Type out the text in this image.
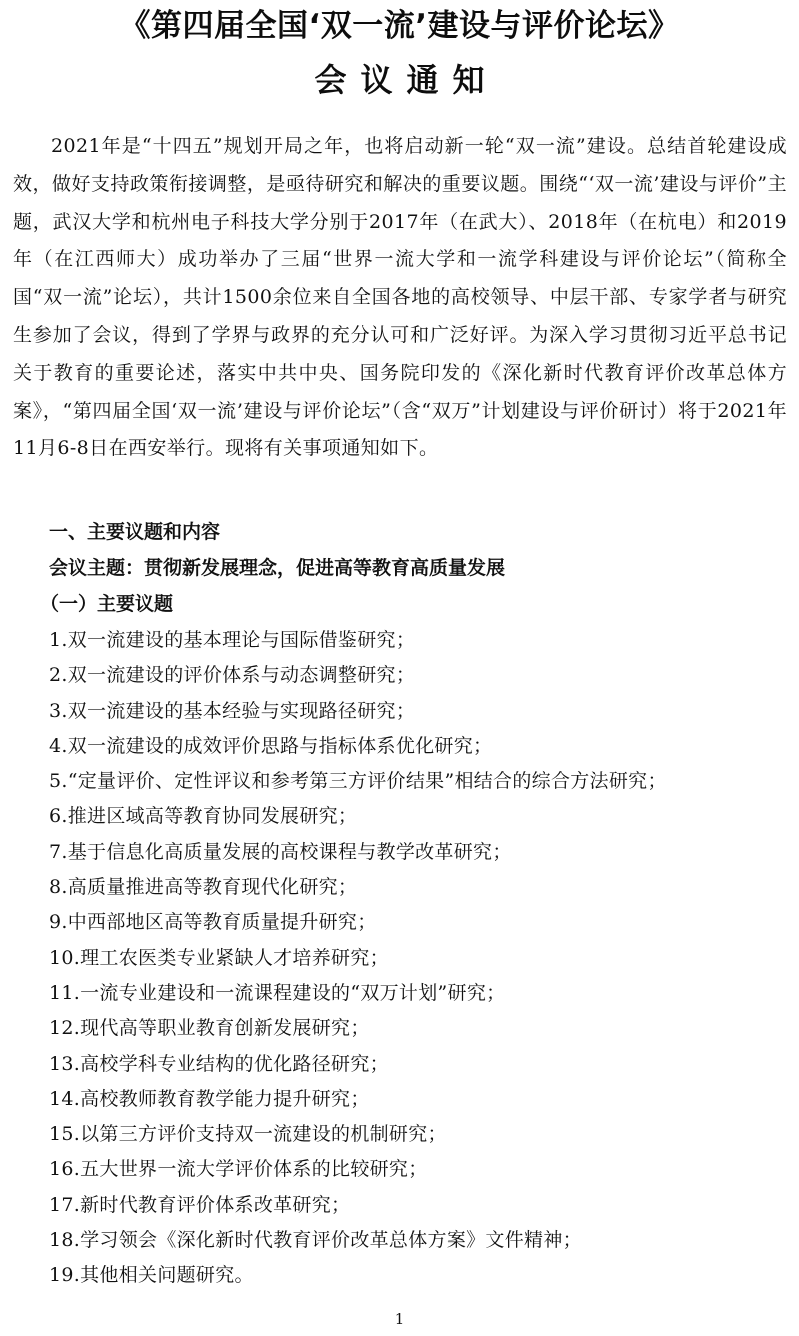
《第四届全国‘双一流’建设与评价论坛》
会议通知

2021年是“十四五”规划开局之年，也将启动新一轮“双一流”建设。总结首轮建设成效，做好支持政策衔接调整，是亟待研究和解决的重要议题。围绕“‘双一流’建设与评价”主题，武汉大学和杭州电子科技大学分别于2017年（在武大）、2018年（在杭电）和2019年（在江西师大）成功举办了三届“世界一流大学和一流学科建设与评价论坛”（简称全国“双一流”论坛），共计1500余位来自全国各地的高校领导、中层干部、专家学者与研究生参加了会议，得到了学界与政界的充分认可和广泛好评。为深入学习贯彻习近平总书记关于教育的重要论述，落实中共中央、国务院印发的《深化新时代教育评价改革总体方案》，“第四届全国‘双一流’建设与评价论坛”（含“双万”计划建设与评价研讨）将于2021年11月6-8日在西安举行。现将有关事项通知如下。

一、主要议题和内容
会议主题：贯彻新发展理念，促进高等教育高质量发展
（一）主要议题
1.双一流建设的基本理论与国际借鉴研究；
2.双一流建设的评价体系与动态调整研究；
3.双一流建设的基本经验与实现路径研究；
4.双一流建设的成效评价思路与指标体系优化研究；
5.“定量评价、定性评议和参考第三方评价结果”相结合的综合方法研究；
6.推进区域高等教育协同发展研究；
7.基于信息化高质量发展的高校课程与教学改革研究；
8.高质量推进高等教育现代化研究；
9.中西部地区高等教育质量提升研究；
10.理工农医类专业紧缺人才培养研究；
11.一流专业建设和一流课程建设的“双万计划”研究；
12.现代高等职业教育创新发展研究；
13.高校学科专业结构的优化路径研究；
14.高校教师教育教学能力提升研究；
15.以第三方评价支持双一流建设的机制研究；
16.五大世界一流大学评价体系的比较研究；
17.新时代教育评价体系改革研究；
18.学习领会《深化新时代教育评价改革总体方案》文件精神；
19.其他相关问题研究。
1
